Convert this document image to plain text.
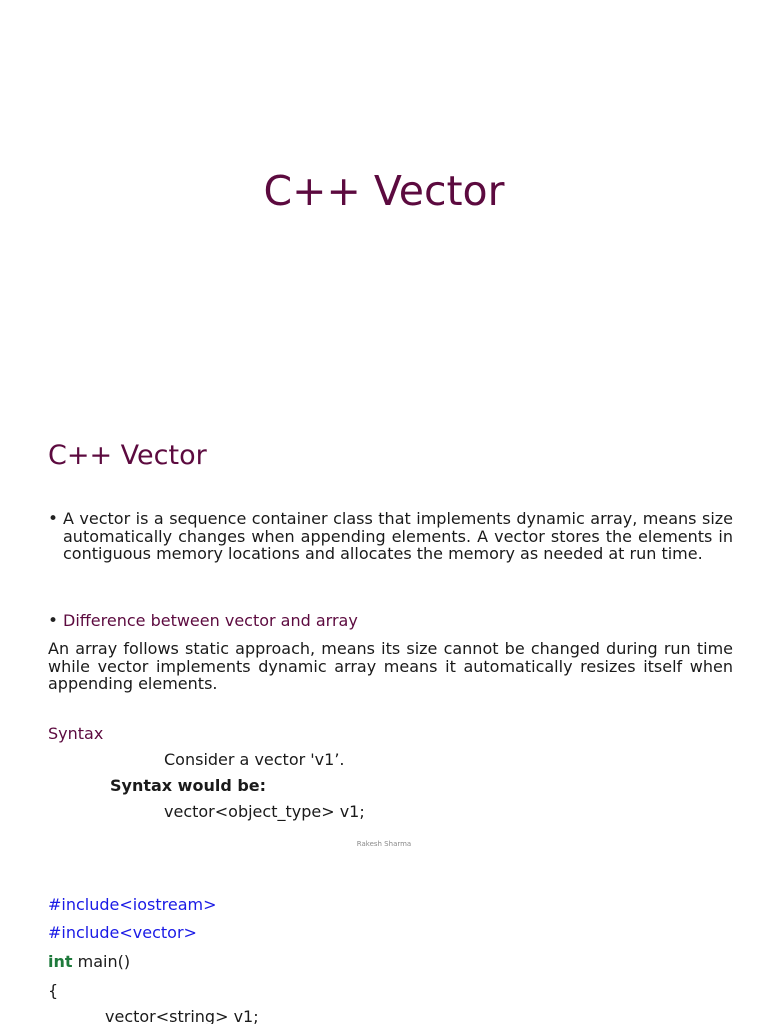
C++ Vector
C++ Vector
• A vector is a sequence container class that implements dynamic array, means size automatically changes when appending elements. A vector stores the elements in contiguous memory locations and allocates the memory as needed at run time.
• Difference between vector and array
An array follows static approach, means its size cannot be changed during run time while vector implements dynamic array means it automatically resizes itself when appending elements.
Syntax
Consider a vector 'v1’.
Syntax would be:
vector<object_type> v1;
Rakesh Sharma
#include<iostream>
#include<vector>
int main()
{
vector<string> v1;
